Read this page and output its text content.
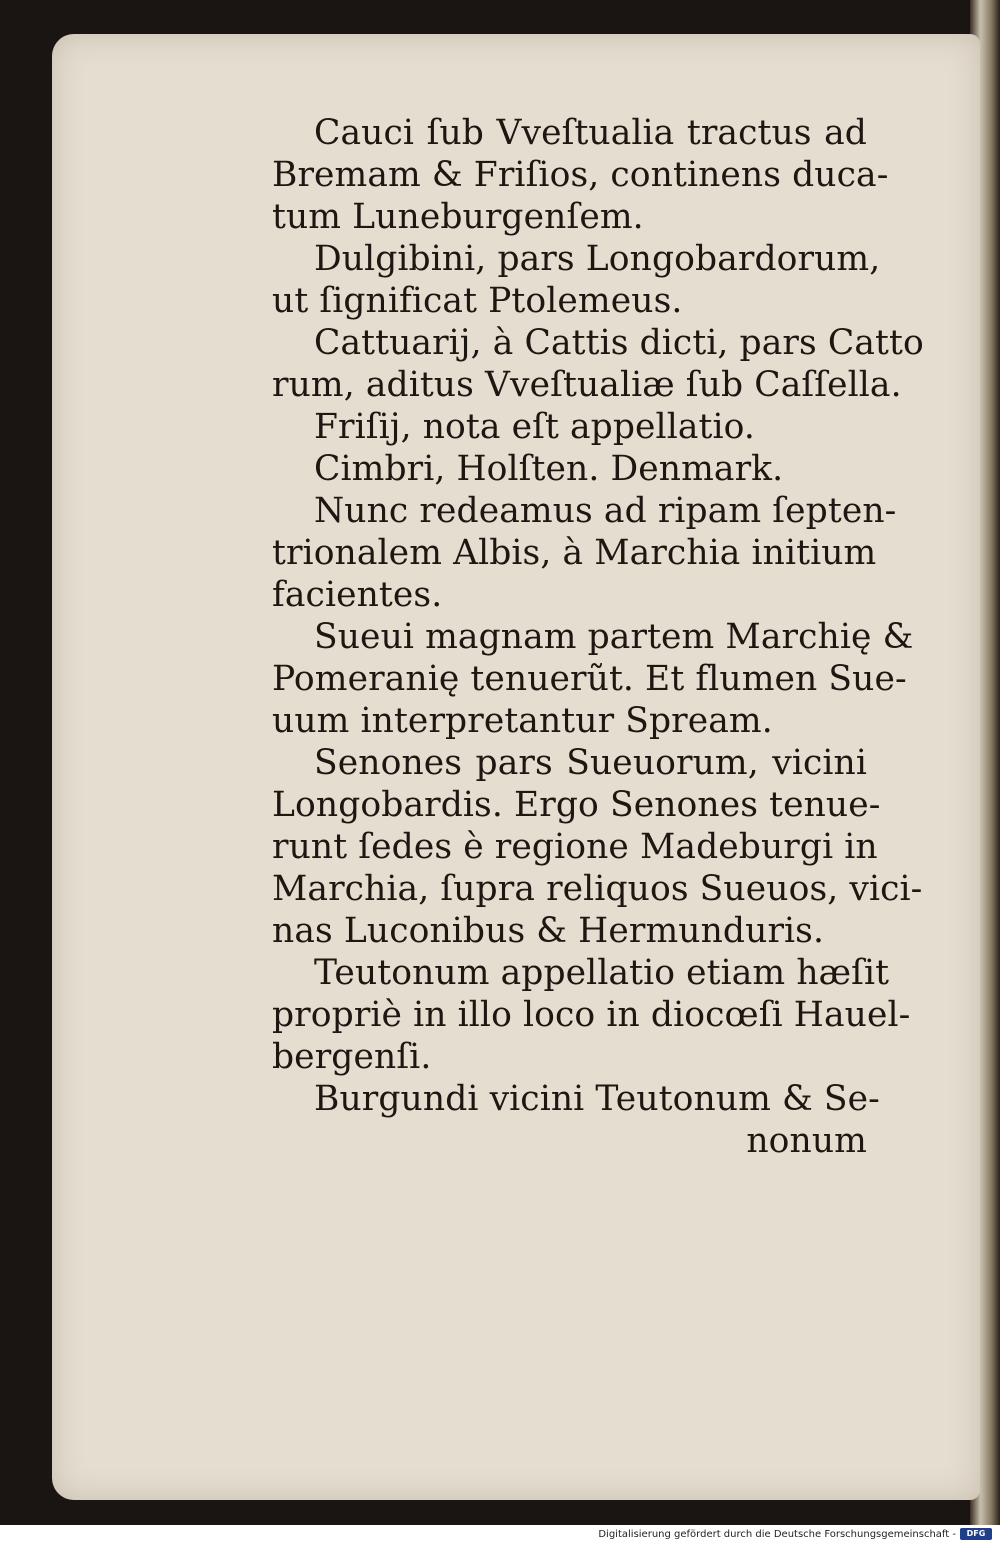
Cauci ſub Vveſtualia tractus ad
Bremam & Friſios, continens duca-
tum Luneburgenſem.
Dulgibini, pars Longobardorum,
ut ſignificat Ptolemeus.
Cattuarij, à Cattis dicti, pars Catto
rum, aditus Vveſtualiæ ſub Caſſella.
Friſij, nota eſt appellatio.
Cimbri, Holſten. Denmark.
Nunc redeamus ad ripam ſepten-
trionalem Albis, à Marchia initium
facientes.
Sueui magnam partem Marchię &
Pomeranię tenuerũt. Et flumen Sue-
uum interpretantur Spream.
Senones pars Sueuorum, vicini
Longobardis. Ergo Senones tenue-
runt ſedes è regione Madeburgi in
Marchia, ſupra reliquos Sueuos, vici-
nas Luconibus & Hermunduris.
Teutonum appellatio etiam hæſit
propriè in illo loco in diocœſi Hauel-
bergenſi.
Burgundi vicini Teutonum & Se-
nonum
Digitalisierung gefördert durch die Deutsche Forschungsgemeinschaft -	DFG
